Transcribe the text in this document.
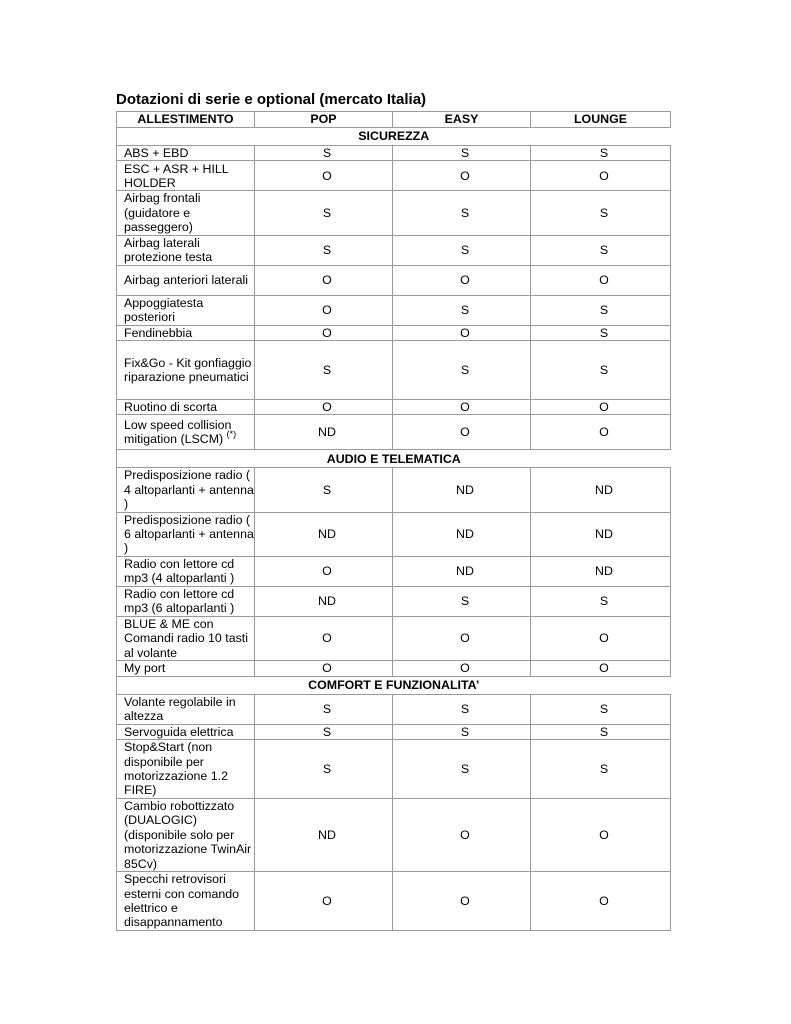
Dotazioni di serie e optional (mercato Italia)
ALLESTIMENTO	POP	EASY	LOUNGE
SICUREZZA			
ABS + EBD	S	S	S
ESC + ASR + HILL HOLDER	O	O	O
Airbag frontali (guidatore e passeggero)	S	S	S
Airbag laterali protezione testa	S	S	S
Airbag anteriori laterali	O	O	O
Appoggiatesta posteriori	O	S	S
Fendinebbia	O	O	S
Fix&Go - Kit gonfiaggio riparazione pneumatici	S	S	S
Ruotino di scorta	O	O	O
Low speed collision mitigation (LSCM) (*)	ND	O	O
AUDIO E TELEMATICA			
Predisposizione radio ( 4 altoparlanti + antenna )	S	ND	ND
Predisposizione radio ( 6 altoparlanti + antenna )	ND	ND	ND
Radio con lettore cd mp3 (4 altoparlanti )	O	ND	ND
Radio con lettore cd mp3 (6 altoparlanti )	ND	S	S
BLUE & ME con Comandi radio 10 tasti al volante	O	O	O
My port	O	O	O
COMFORT E FUNZIONALITA’			
Volante regolabile in altezza	S	S	S
Servoguida elettrica	S	S	S
Stop&Start (non disponibile per motorizzazione 1.2 FIRE)	S	S	S
Cambio robottizzato (DUALOGIC) (disponibile solo per motorizzazione TwinAir 85Cv)	ND	O	O
Specchi retrovisori esterni con comando elettrico e disappannamento	O	O	O
